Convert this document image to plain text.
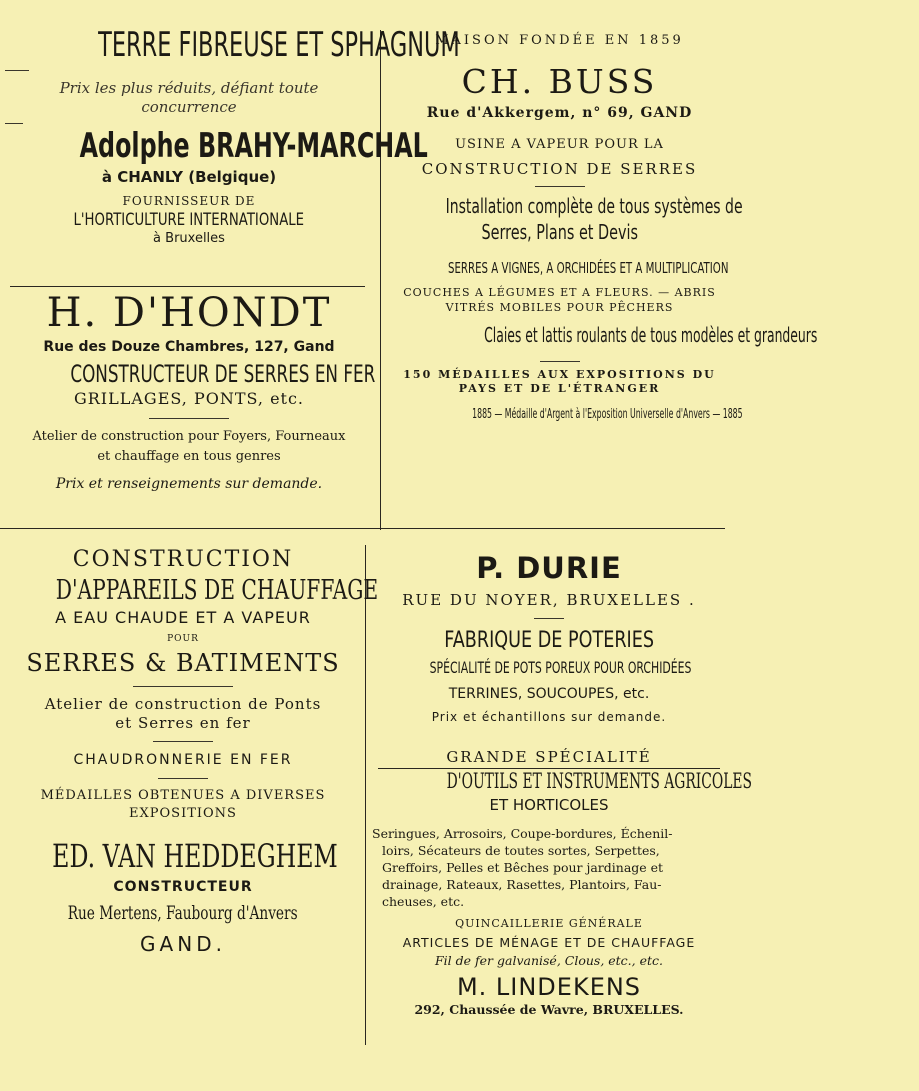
TERRE FIBREUSE ET SPHAGNUM
Prix les plus réduits, défiant toute
concurrence
Adolphe BRAHY-MARCHAL
à CHANLY (Belgique)
FOURNISSEUR DE
L'HORTICULTURE INTERNATIONALE
à Bruxelles
H. D'HONDT
Rue des Douze Chambres, 127, Gand
CONSTRUCTEUR DE SERRES EN FER
GRILLAGES, PONTS, etc.
Atelier de construction pour Foyers, Fourneaux
et chauffage en tous genres
Prix et renseignements sur demande.
MAISON FONDÉE EN 1859
CH. BUSS
Rue d'Akkergem, n° 69, GAND
USINE A VAPEUR POUR LA
CONSTRUCTION DE SERRES
Installation complète de tous systèmes de
Serres, Plans et Devis
SERRES A VIGNES, A ORCHIDÉES ET A MULTIPLICATION
COUCHES A LÉGUMES ET A FLEURS. — ABRIS
VITRÉS MOBILES POUR PÊCHERS
Claies et lattis roulants de tous modèles et grandeurs
150 MÉDAILLES AUX EXPOSITIONS DU
PAYS ET DE L'ÉTRANGER
1885 — Médaille d'Argent à l'Exposition Universelle d'Anvers — 1885
CONSTRUCTION
D'APPAREILS DE CHAUFFAGE
A EAU CHAUDE ET A VAPEUR
POUR
SERRES & BATIMENTS
Atelier de construction de Ponts
et Serres en fer
CHAUDRONNERIE EN FER
MÉDAILLES OBTENUES A DIVERSES
EXPOSITIONS
ED. VAN HEDDEGHEM
CONSTRUCTEUR
Rue Mertens, Faubourg d'Anvers
GAND.
P. DURIE
RUE DU NOYER, BRUXELLES .
FABRIQUE DE POTERIES
SPÉCIALITÉ DE POTS POREUX POUR ORCHIDÉES
TERRINES, SOUCOUPES, etc.
Prix et échantillons sur demande.
GRANDE SPÉCIALITÉ
D'OUTILS ET INSTRUMENTS AGRICOLES
ET HORTICOLES
Seringues, Arrosoirs, Coupe-bordures, Échenil-
loirs, Sécateurs de toutes sortes, Serpettes,
Greffoirs, Pelles et Bêches pour jardinage et
drainage, Rateaux, Rasettes, Plantoirs, Fau-
cheuses, etc.
QUINCAILLERIE GÉNÉRALE
ARTICLES DE MÉNAGE ET DE CHAUFFAGE
Fil de fer galvanisé, Clous, etc., etc.
M. LINDEKENS
292, Chaussée de Wavre, BRUXELLES.
